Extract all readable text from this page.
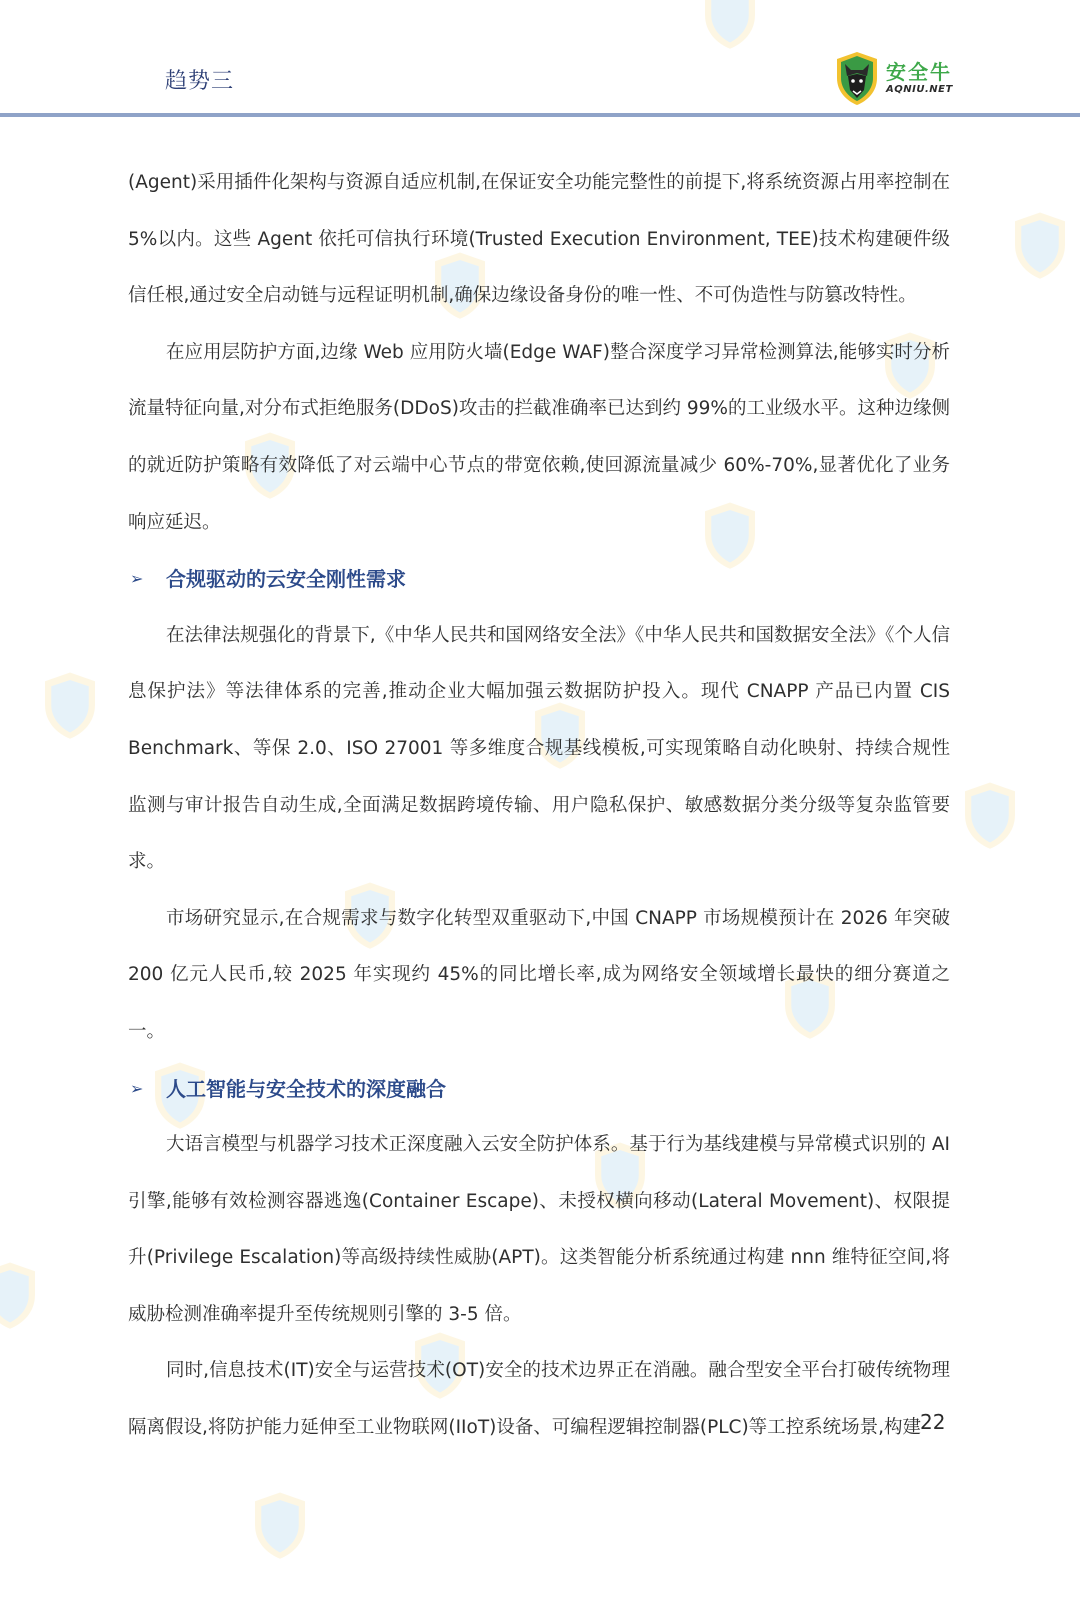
趋势三	安全牛
AQNIU.NET

(Agent)采用插件化架构与资源自适应机制,在保证安全功能完整性的前提下,将系统资源占用率控制在 5%以内。这些 Agent 依托可信执行环境(Trusted Execution Environment, TEE)技术构建硬件级信任根,通过安全启动链与远程证明机制,确保边缘设备身份的唯一性、不可伪造性与防篡改特性。

在应用层防护方面,边缘 Web 应用防火墙(Edge WAF)整合深度学习异常检测算法,能够实时分析流量特征向量,对分布式拒绝服务(DDoS)攻击的拦截准确率已达到约 99%的工业级水平。这种边缘侧的就近防护策略有效降低了对云端中心节点的带宽依赖,使回源流量减少 60%-70%,显著优化了业务响应延迟。

➢ 合规驱动的云安全刚性需求

在法律法规强化的背景下,《中华人民共和国网络安全法》《中华人民共和国数据安全法》《个人信息保护法》等法律体系的完善,推动企业大幅加强云数据防护投入。现代 CNAPP 产品已内置 CIS Benchmark、等保 2.0、ISO 27001 等多维度合规基线模板,可实现策略自动化映射、持续合规性监测与审计报告自动生成,全面满足数据跨境传输、用户隐私保护、敏感数据分类分级等复杂监管要求。

市场研究显示,在合规需求与数字化转型双重驱动下,中国 CNAPP 市场规模预计在 2026 年突破 200 亿元人民币,较 2025 年实现约 45%的同比增长率,成为网络安全领域增长最快的细分赛道之一。

➢ 人工智能与安全技术的深度融合

大语言模型与机器学习技术正深度融入云安全防护体系。基于行为基线建模与异常模式识别的 AI 引擎,能够有效检测容器逃逸(Container Escape)、未授权横向移动(Lateral Movement)、权限提升(Privilege Escalation)等高级持续性威胁(APT)。这类智能分析系统通过构建 nnn 维特征空间,将威胁检测准确率提升至传统规则引擎的 3-5 倍。

同时,信息技术(IT)安全与运营技术(OT)安全的技术边界正在消融。融合型安全平台打破传统物理隔离假设,将防护能力延伸至工业物联网(IIoT)设备、可编程逻辑控制器(PLC)等工控系统场景,构建

22
